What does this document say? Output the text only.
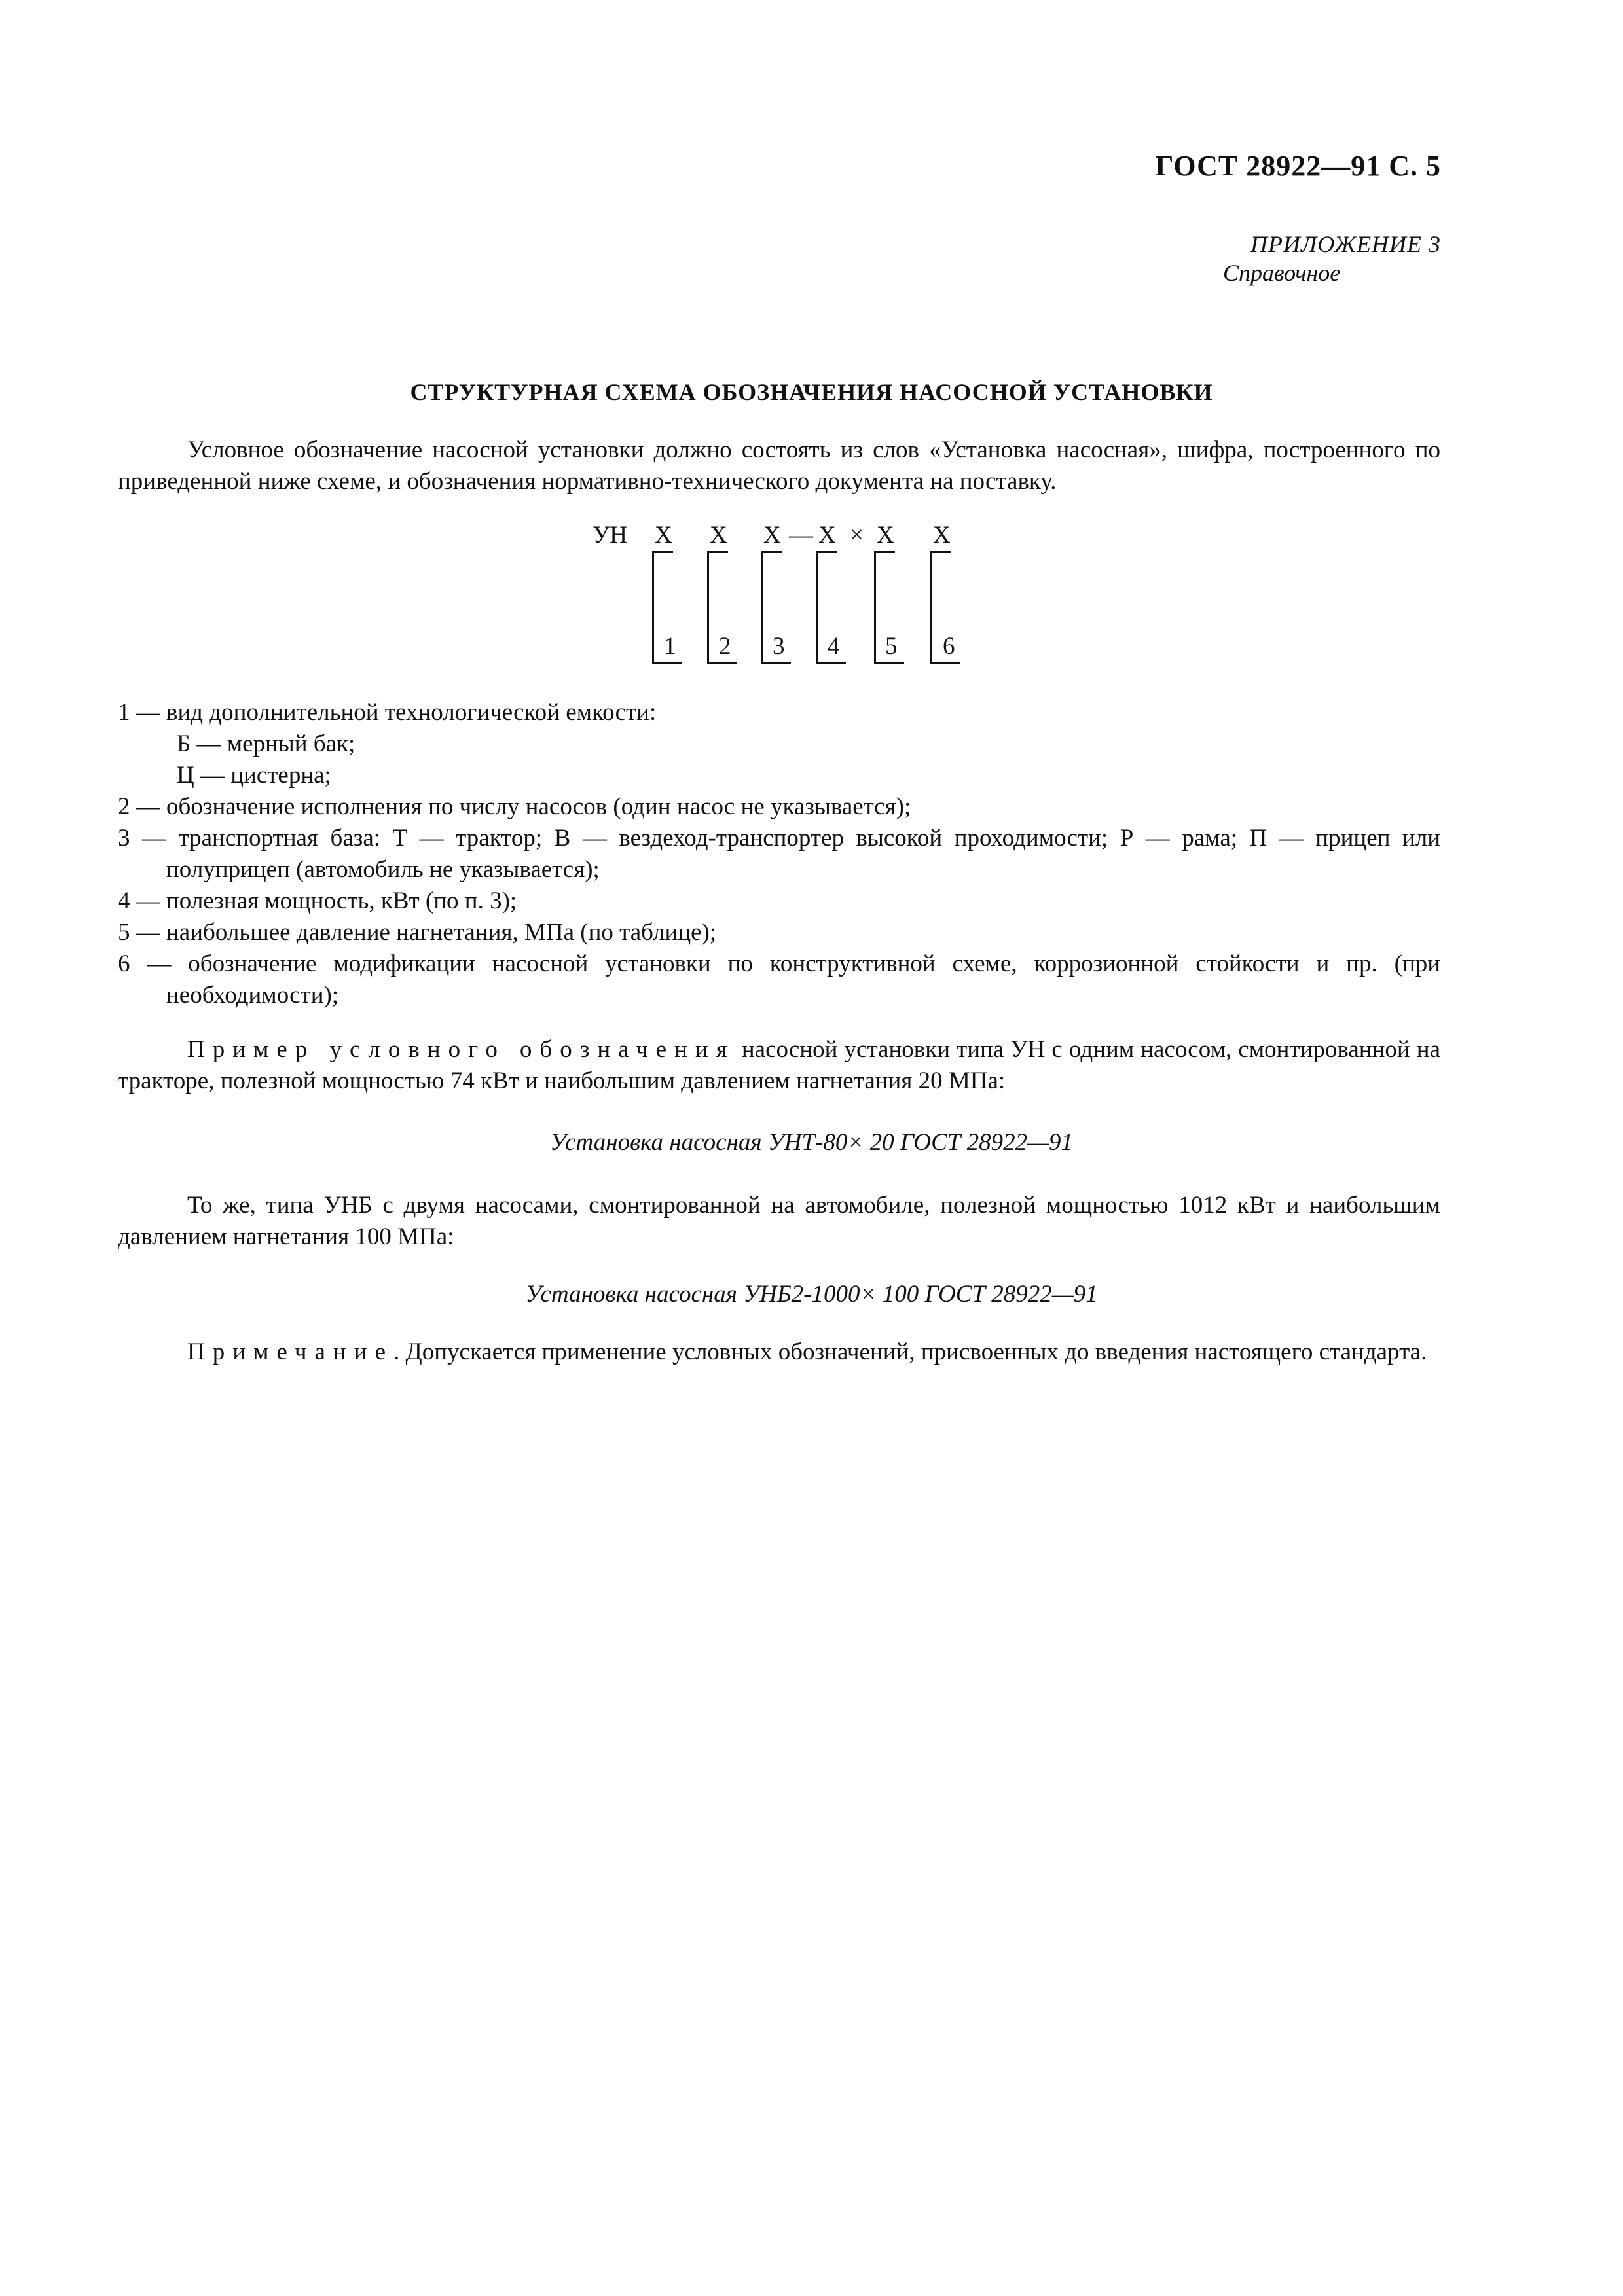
ГОСТ 28922—91 С. 5
ПРИЛОЖЕНИЕ 3
Справочное
СТРУКТУРНАЯ СХЕМА ОБОЗНАЧЕНИЯ НАСОСНОЙ УСТАНОВКИ
Условное обозначение насосной установки должно состоять из слов «Установка насосная», шифра, построенного по приведенной ниже схеме, и обозначения нормативно-технического документа на поставку.
УН Х Х Х — Х × Х Х
1 2 3 4 5 6
1 — вид дополнительной технологической емкости:
Б — мерный бак;
Ц — цистерна;
2 — обозначение исполнения по числу насосов (один насос не указывается);
3 — транспортная база: Т — трактор; В — вездеход-транспортер высокой проходимости; Р — рама; П — прицеп или полуприцеп (автомобиль не указывается);
4 — полезная мощность, кВт (по п. 3);
5 — наибольшее давление нагнетания, МПа (по таблице);
6 — обозначение модификации насосной установки по конструктивной схеме, коррозионной стойкости и пр. (при необходимости);
Пример условного обозначения насосной установки типа УН с одним насосом, смонтированной на тракторе, полезной мощностью 74 кВт и наибольшим давлением нагнетания 20 МПа:
Установка насосная УНТ-80× 20 ГОСТ 28922—91
То же, типа УНБ с двумя насосами, смонтированной на автомобиле, полезной мощностью 1012 кВт и наибольшим давлением нагнетания 100 МПа:
Установка насосная УНБ2-1000× 100 ГОСТ 28922—91
Примечание. Допускается применение условных обозначений, присвоенных до введения настоящего стандарта.
